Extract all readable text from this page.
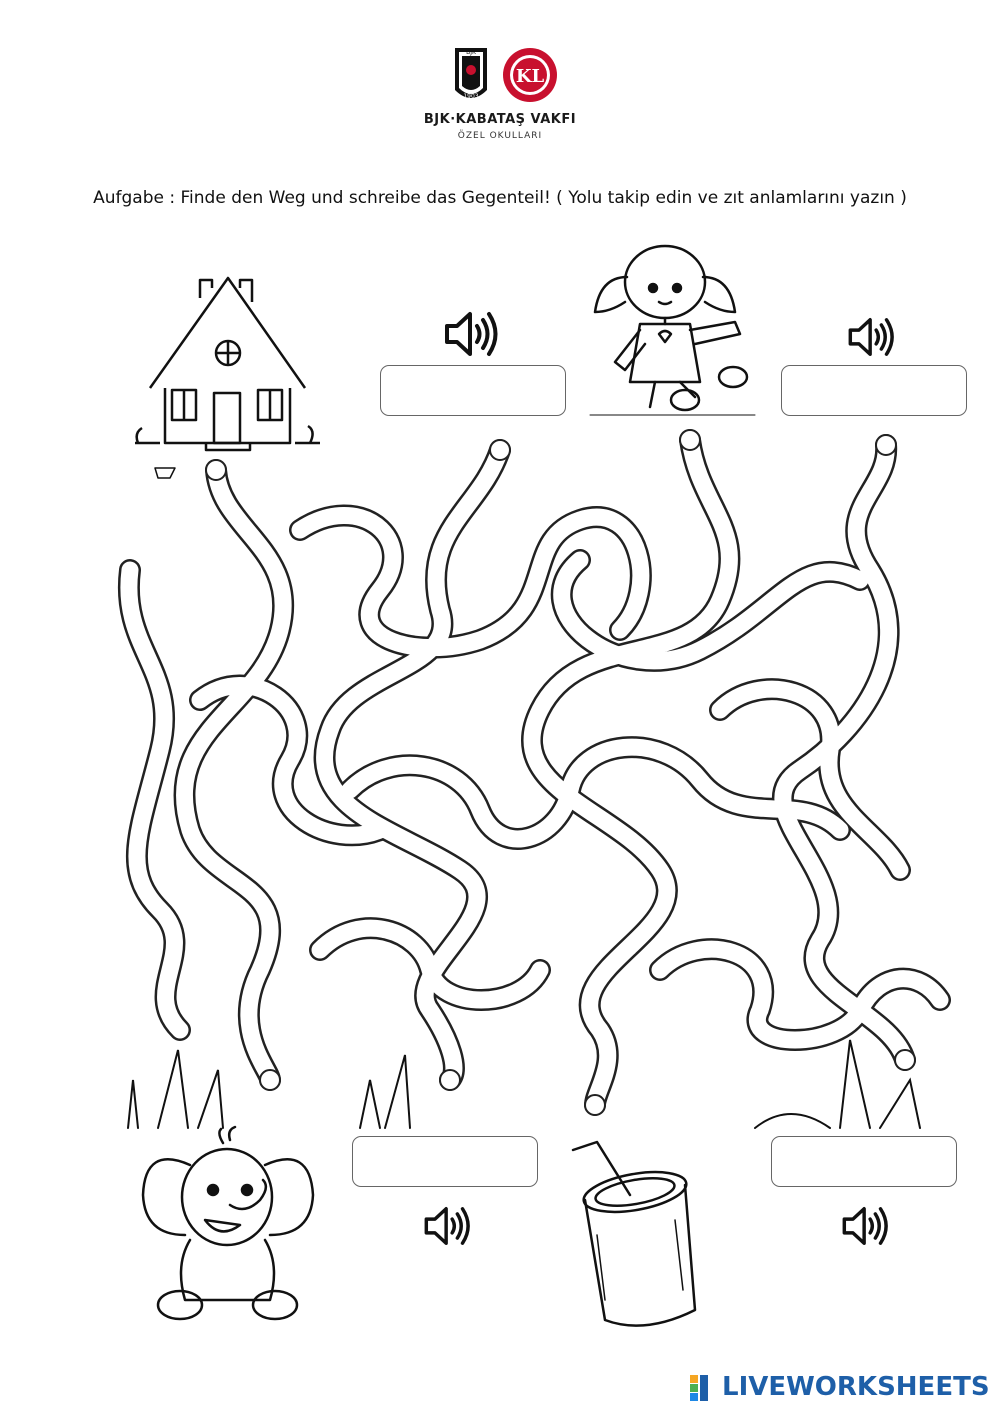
BJK
1903
KL
BJK·KABATAŞ VAKFI
ÖZEL OKULLARI
Aufgabe : Finde den Weg und schreibe das Gegenteil! ( Yolu takip edin ve zıt anlamlarını yazın )
LIVEWORKSHEETS
